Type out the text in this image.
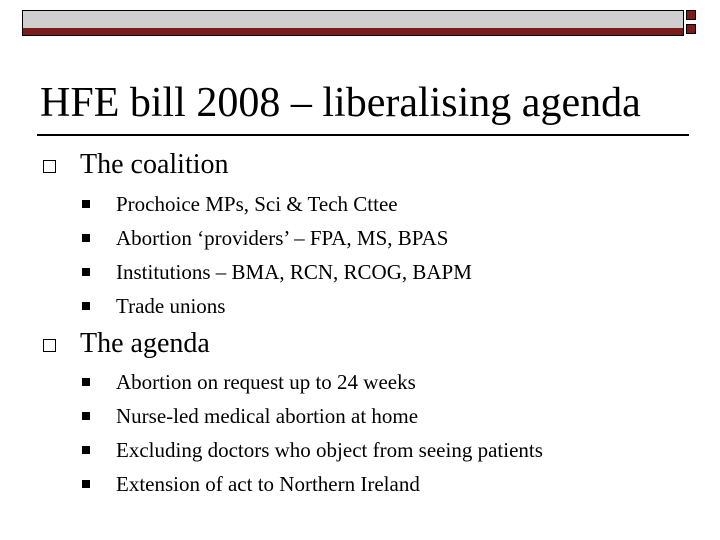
HFE bill 2008 – liberalising agenda
The coalition
Prochoice MPs, Sci & Tech Cttee
Abortion ‘providers’ – FPA, MS, BPAS
Institutions – BMA, RCN, RCOG, BAPM
Trade unions
The agenda
Abortion on request up to 24 weeks
Nurse-led medical abortion at home
Excluding doctors who object from seeing patients
Extension of act to Northern Ireland
